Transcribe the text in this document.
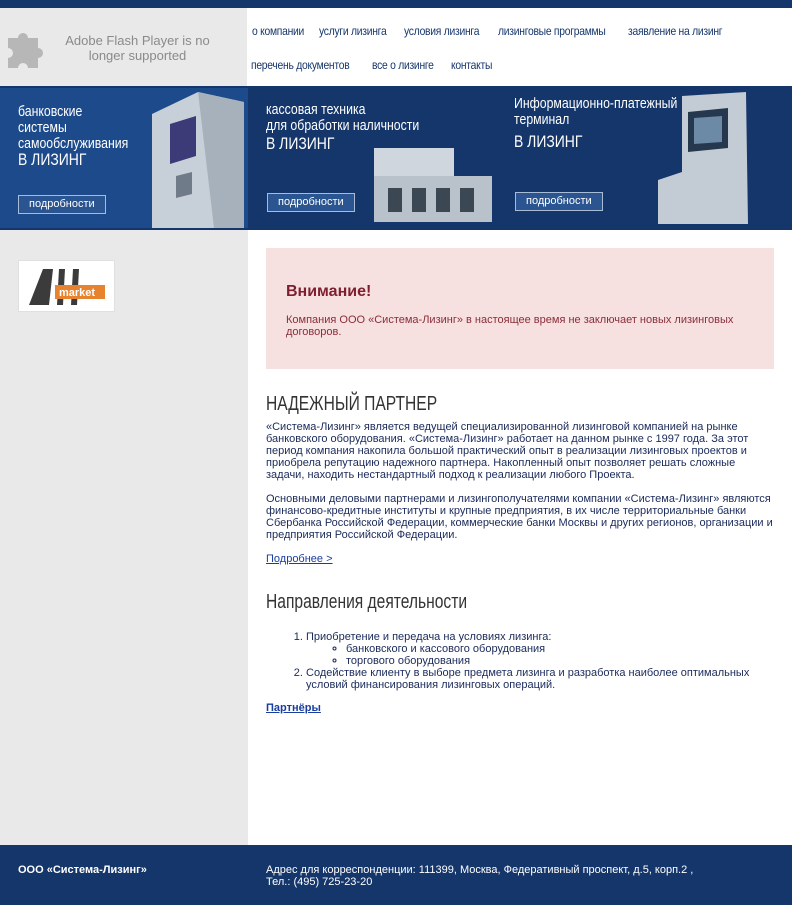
Adobe Flash Player is no longer supported
о компании услуги лизинга условия лизинга лизинговые программы заявление на лизинг
перечень документов все о лизинге контакты
банковские
системы
самообслуживания
В ЛИЗИНГ
подробности
кассовая техника
для обработки наличности
В ЛИЗИНГ
подробности
Информационно-платежный
терминал
В ЛИЗИНГ
подробности
market	Внимание!

Компания ООО «Система-Лизинг» в настоящее время не заключает новых лизинговых договоров.

НАДЕЖНЫЙ ПАРТНЕР
«Система-Лизинг» является ведущей специализированной лизинговой компанией на рынке банковского оборудования. «Система-Лизинг» работает на данном рынке с 1997 года. За этот период компания накопила большой практический опыт в реализации лизинговых проектов и приобрела репутацию надежного партнера. Накопленный опыт позволяет решать сложные задачи, находить нестандартный подход к реализации любого Проекта.
Основными деловыми партнерами и лизингополучателями компании «Система-Лизинг» являются финансово-кредитные институты и крупные предприятия, в их числе территориальные банки Сбербанка Российской Федерации, коммерческие банки Москвы и других регионов, организации и предприятия Российской Федерации.
Подробнее >
Направления деятельности
1. Приобретение и передача на условиях лизинга:
◦ банковского и кассового оборудования
◦ торгового оборудования
2. Содействие клиенту в выборе предмета лизинга и разработка наиболее оптимальных условий финансирования лизинговых операций.
Партнёры
ООО «Система-Лизинг»	Адрес для корреспонденции: 111399, Москва, Федеративный проспект, д.5, корп.2 ,
Тел.: (495) 725-23-20
